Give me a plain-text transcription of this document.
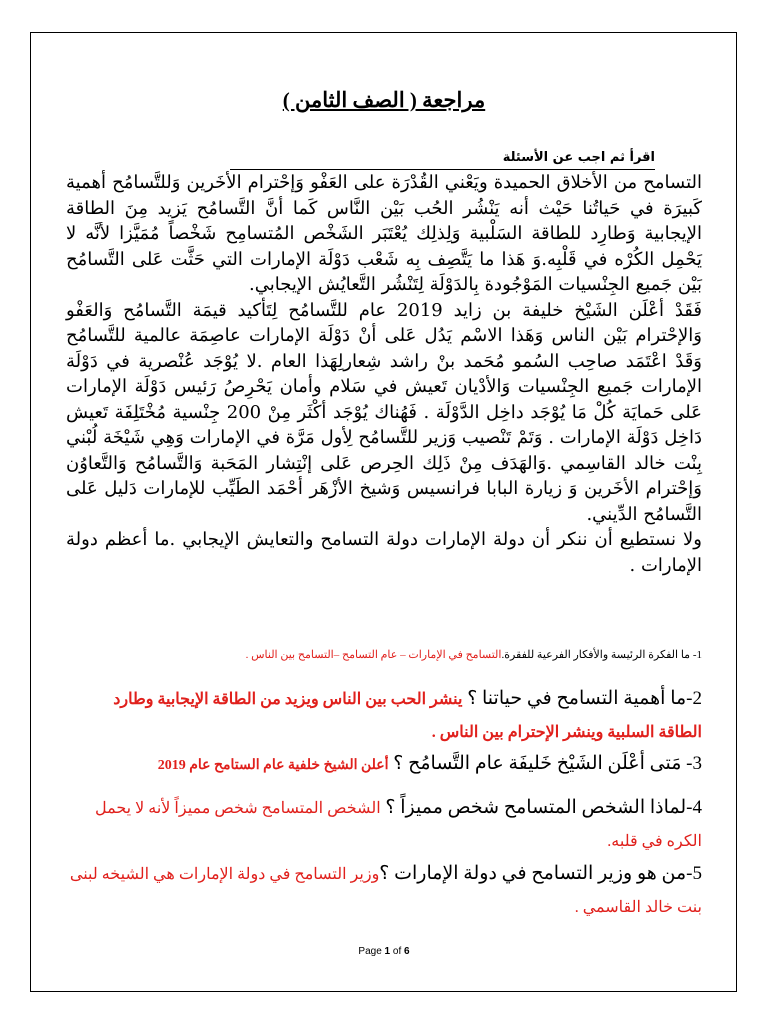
مراجعة ( الصف الثامن )
اقرأ ثم اجب عن الأسئلة

التسامح من الأخلاق الحميدة ويَعْني القُدْرَة على العَفْو وَإحْترام الأخَرين وَللتَّسامُح أهمية كَبيرَة في حَياتُنا حَيْث أنه يَنْشُر الحُب بَيْن النَّاس كَما أنَّ التَّسامُح يَزيد مِنَ الطاقة الإيجابية وَطارِد للطاقة السَلْبية وَلِذلِك يُعْتَبَر الشَخْص المُتسامِح شَخْصاً مُمَيَّزا لأنَّه لا يَحْمِل الكُرْه في قَلْبِه.وَ هَذا ما يَتَّصِف بِه شَعْب دَوْلَة الإمارات التي حَثَّت عَلى التَّسامُح بَيْن جَميع الجِنْسيات المَوْجُودة بِالدَوْلَة لِتَنْشُر التَّعايُش الإيجابي.

فَقَدْ أعْلَن الشَيْخ خليفة بن زايد 2019 عام للتَّسامُح لِتَأكيد قيمَة التَّسامُح وَالعَفْو وَالإحْترام بَيْن الناس وَهَذا الاسْم يَدُل عَلى أنْ دَوْلَة الإمارات عاصِمَة عالمية للتَّسامُح وَقَدْ اعْتَمَد صاحِب السُمو مُحَمد بنْ راشد شِعارلِهَذا العام .لا يُوْجَد عُنْصرية في دَوْلَة الإمارات جَميع الجِنْسيات وَالأدْيان تَعيش في سَلام وأمان يَحْرِصُ رَئيس دَوْلَة الإمارات عَلى حَمايَة كُلْ مَا يُوْجَد داخِل الدَّوْلَة . فَهُناك يُوْجَد أكْثَر مِنْ 200 جِنْسية مُخْتَلِفَة تَعيش دَاخِل دَوْلَة الإمارات . وَتَمْ تَنْصيب وَزير للتَّسامُح لِأول مَرَّة في الإمارات وَهِي شَيْخَة لُبْني بِنْت خالد القاسِمي .وَالهَدَف مِنْ ذَلِك الحِرص عَلى إنْتِشار المَحَبة وَالتَّسامُح وَالتَّعاوُن وَإحْترام الأخَرين وَ زيارة البابا فرانسيس وَشيخ الأزْهَر أحْمَد الطَيِّب للإمارات دَليل عَلى التَّسامُح الدِّيني.

ولا نستطيع أن ننكر أن دولة الإمارات دولة التسامح والتعايش الإيجابي .ما أعظم دولة الإمارات .

1- ما الفكرة الرئيسة والأفكار الفرعية للفقرة.التسامح في الإمارات – عام التسامح –التسامح بين الناس .
2-ما أهمية التسامح في حياتنا ؟ ينشر الحب بين الناس ويزيد من الطاقة الإيجابية وطارد الطاقة السلبية وينشر الإحترام بين الناس .
3- مَتى أعْلَن الشَيْخ خَليفَة عام التَّسامُح ؟ أعلن الشيخ خلفية عام الستامح عام 2019
4-لماذا الشخص المتسامح شخص مميزاً ؟ الشخص المتسامح شخص مميزاً لأنه لا يحمل الكره في قلبه.
5-من هو وزير التسامح في دولة الإمارات ؟وزير التسامح في دولة الإمارات هي الشيخه لبنى بنت خالد القاسمي .
Page 1 of 6
